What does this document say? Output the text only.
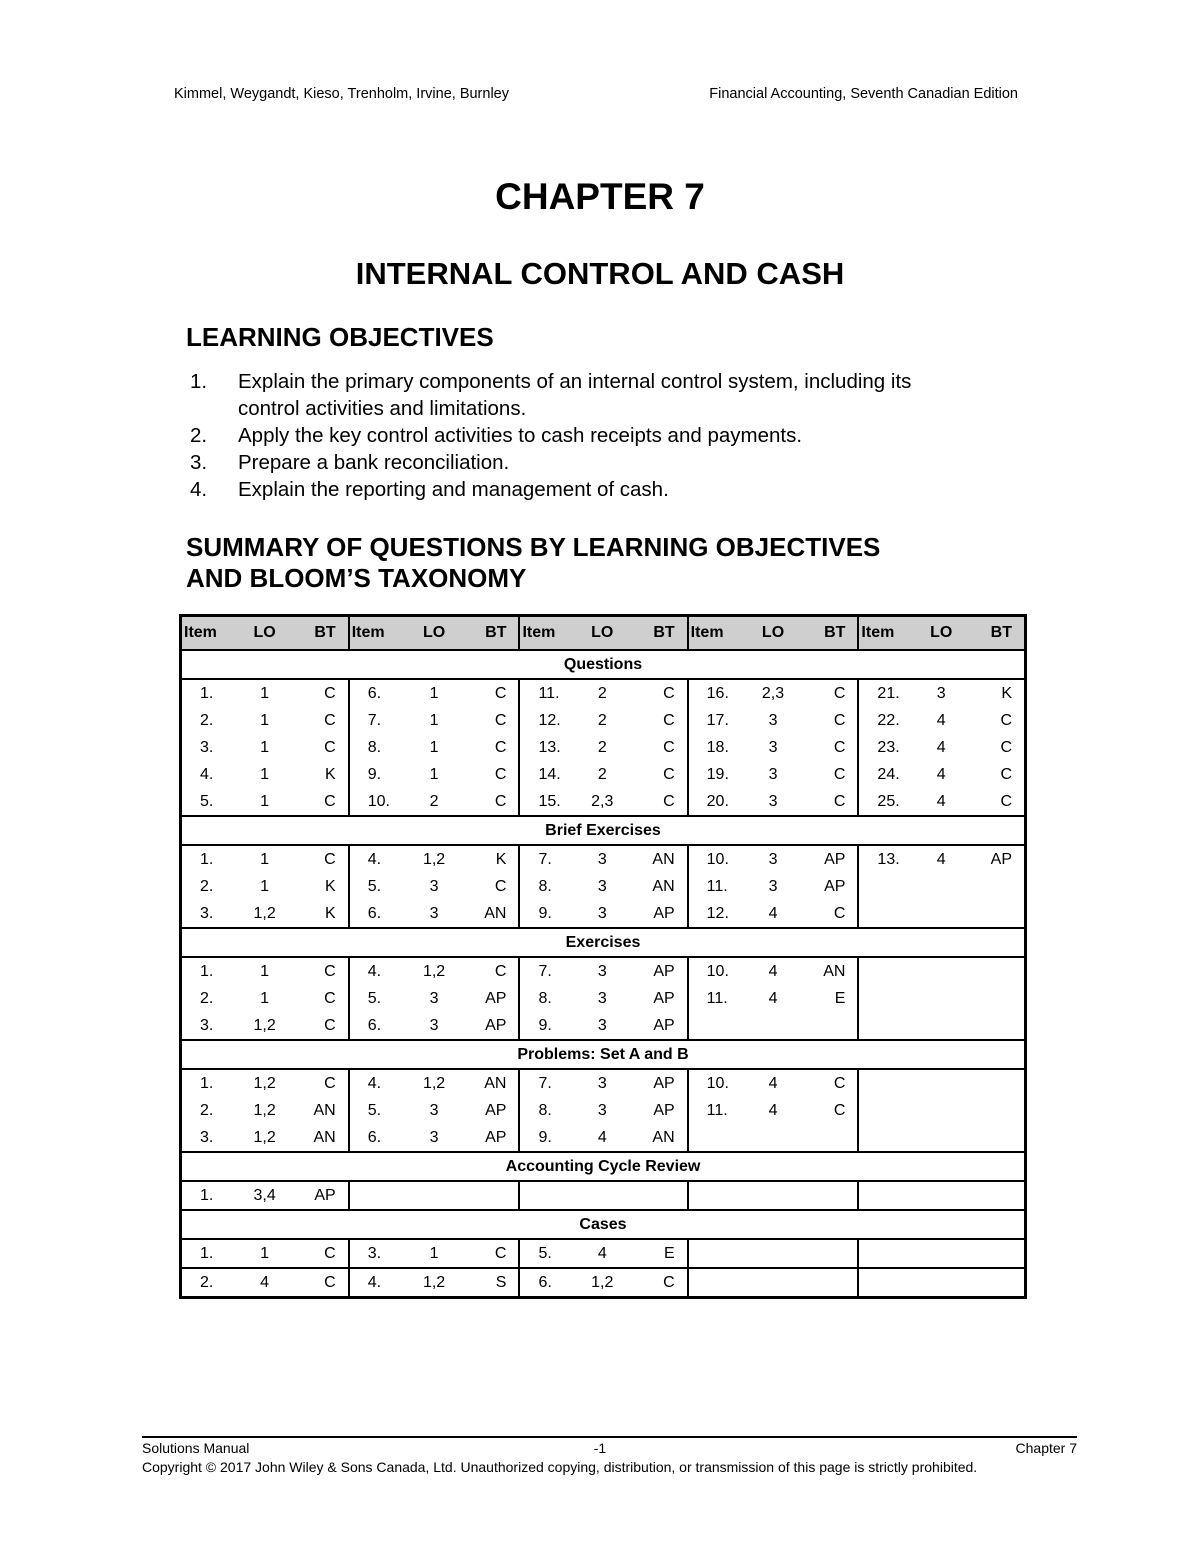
Kimmel, Weygandt, Kieso, Trenholm, Irvine, Burnley	Financial Accounting, Seventh Canadian Edition
CHAPTER 7
INTERNAL CONTROL AND CASH
LEARNING OBJECTIVES
1.	Explain the primary components of an internal control system, including its
control activities and limitations.
2.	Apply the key control activities to cash receipts and payments.
3.	Prepare a bank reconciliation.
4.	Explain the reporting and management of cash.
SUMMARY OF QUESTIONS BY LEARNING OBJECTIVES
AND BLOOM’S TAXONOMY
Item	LO	BT	Item	LO	BT	Item	LO	BT	Item	LO	BT	Item	LO	BT
Questions														
1.	1	C	6.	1	C	11.	2	C	16.	2,3	C	21.	3	K
2.	1	C	7.	1	C	12.	2	C	17.	3	C	22.	4	C
3.	1	C	8.	1	C	13.	2	C	18.	3	C	23.	4	C
4.	1	K	9.	1	C	14.	2	C	19.	3	C	24.	4	C
5.	1	C	10.	2	C	15.	2,3	C	20.	3	C	25.	4	C
Brief Exercises														
1.	1	C	4.	1,2	K	7.	3	AN	10.	3	AP	13.	4	AP
2.	1	K	5.	3	C	8.	3	AN	11.	3	AP			
3.	1,2	K	6.	3	AN	9.	3	AP	12.	4	C			
Exercises														
1.	1	C	4.	1,2	C	7.	3	AP	10.	4	AN			
2.	1	C	5.	3	AP	8.	3	AP	11.	4	E			
3.	1,2	C	6.	3	AP	9.	3	AP						
Problems: Set A and B														
1.	1,2	C	4.	1,2	AN	7.	3	AP	10.	4	C			
2.	1,2	AN	5.	3	AP	8.	3	AP	11.	4	C			
3.	1,2	AN	6.	3	AP	9.	4	AN						
Accounting Cycle Review														
1.	3,4	AP												
Cases														
1.	1	C	3.	1	C	5.	4	E						
2.	4	C	4.	1,2	S	6.	1,2	C						
Solutions Manual	-1	Chapter 7
Copyright © 2017 John Wiley & Sons Canada, Ltd. Unauthorized copying, distribution, or transmission of this page is strictly prohibited.
